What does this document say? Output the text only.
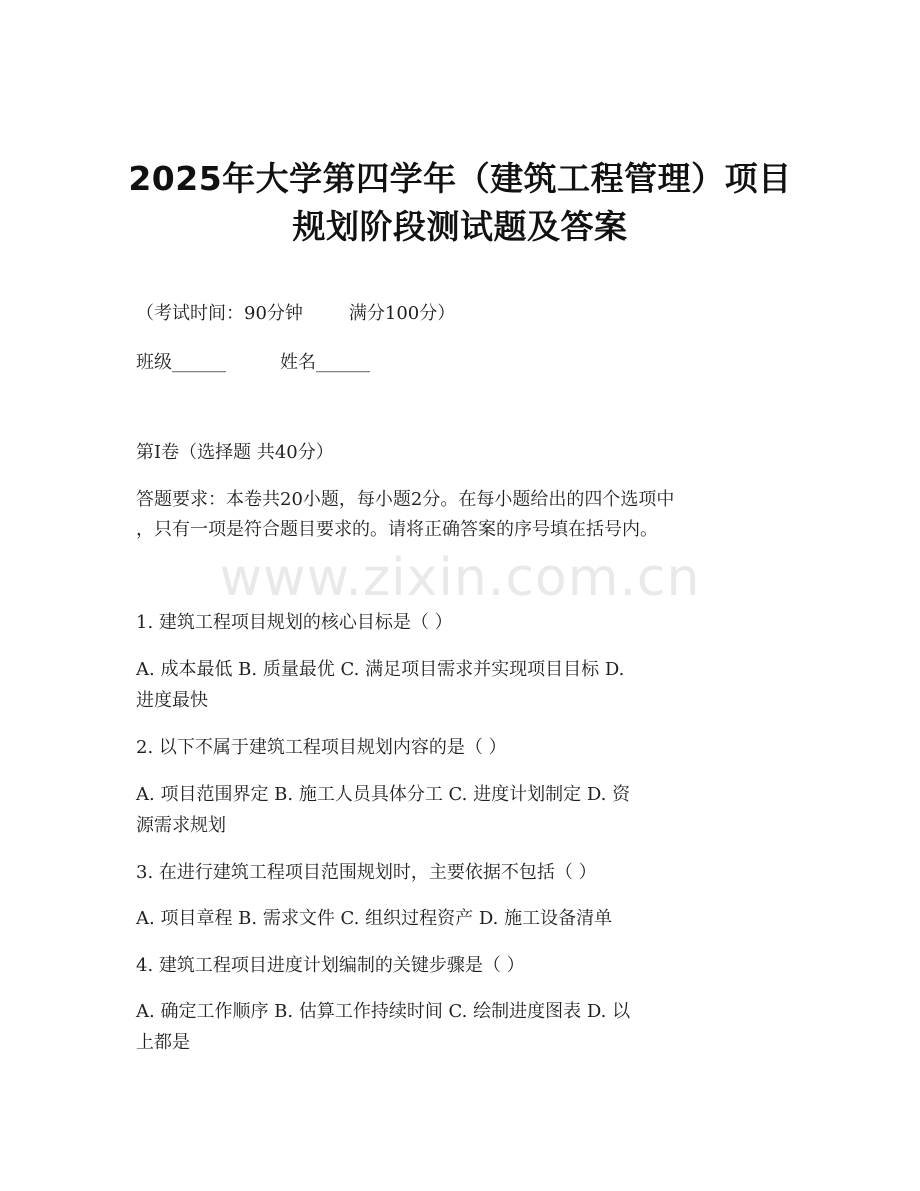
2025年大学第四学年（建筑工程管理）项目
规划阶段测试题及答案
（考试时间：90分钟	满分100分）
班级______	姓名______
第I卷（选择题 共40分）
答题要求：本卷共20小题，每小题2分。在每小题给出的四个选项中
，只有一项是符合题目要求的。请将正确答案的序号填在括号内。
www.zixin.com.cn
1. 建筑工程项目规划的核心目标是（ ）
A. 成本最低 B. 质量最优 C. 满足项目需求并实现项目目标 D.
进度最快
2. 以下不属于建筑工程项目规划内容的是（ ）
A. 项目范围界定 B. 施工人员具体分工 C. 进度计划制定 D. 资
源需求规划
3. 在进行建筑工程项目范围规划时，主要依据不包括（ ）
A. 项目章程 B. 需求文件 C. 组织过程资产 D. 施工设备清单
4. 建筑工程项目进度计划编制的关键步骤是（ ）
A. 确定工作顺序 B. 估算工作持续时间 C. 绘制进度图表 D. 以
上都是
